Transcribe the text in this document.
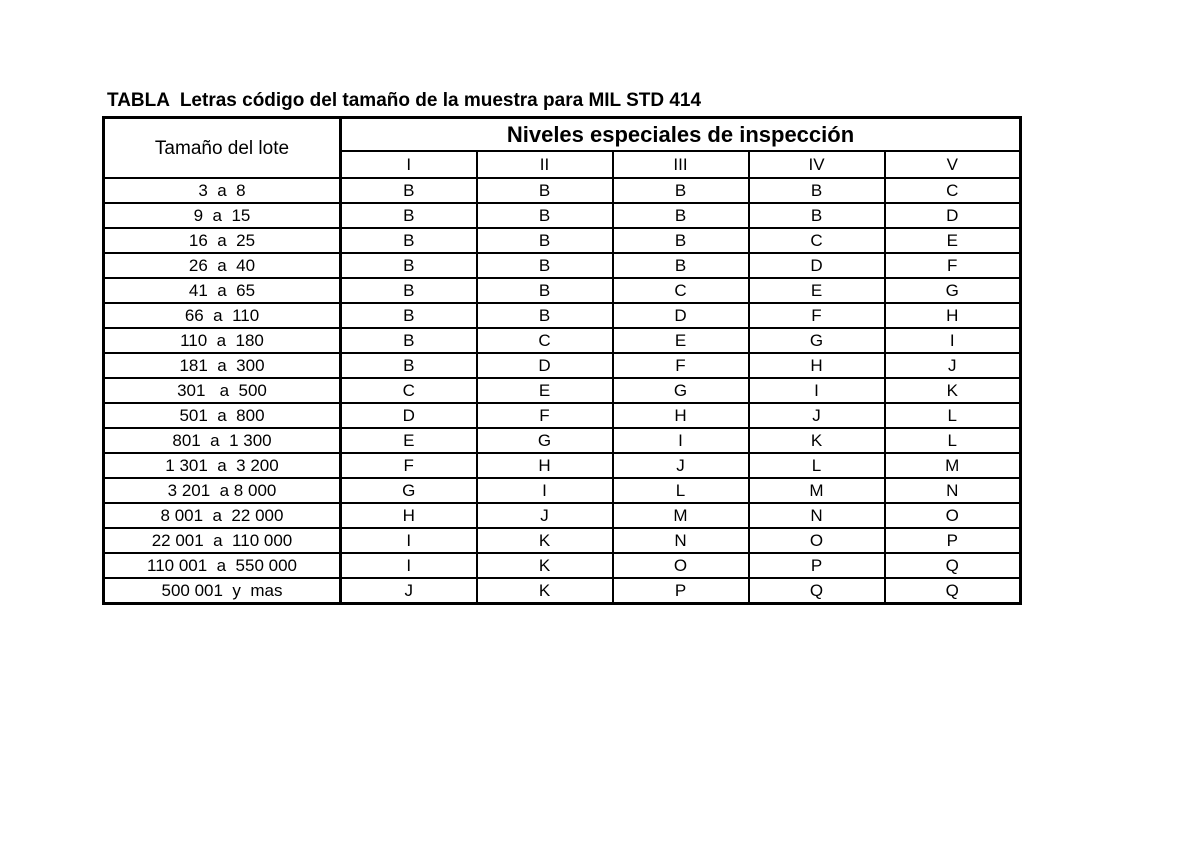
TABLA  Letras código del tamaño de la muestra para MIL STD 414
Tamaño del lote	Niveles especiales de inspección				
	I	II	III	IV	V
3  a  8	B	B	B	B	C
9  a  15	B	B	B	B	D
16  a  25	B	B	B	C	E
26  a  40	B	B	B	D	F
41  a  65	B	B	C	E	G
66  a  110	B	B	D	F	H
110  a  180	B	C	E	G	I
181  a  300	B	D	F	H	J
301   a  500	C	E	G	I	K
501  a  800	D	F	H	J	L
801  a  1 300	E	G	I	K	L
1 301  a  3 200	F	H	J	L	M
3 201  a 8 000	G	I	L	M	N
8 001  a  22 000	H	J	M	N	O
22 001  a  110 000	I	K	N	O	P
110 001  a  550 000	I	K	O	P	Q
500 001  y  mas	J	K	P	Q	Q
